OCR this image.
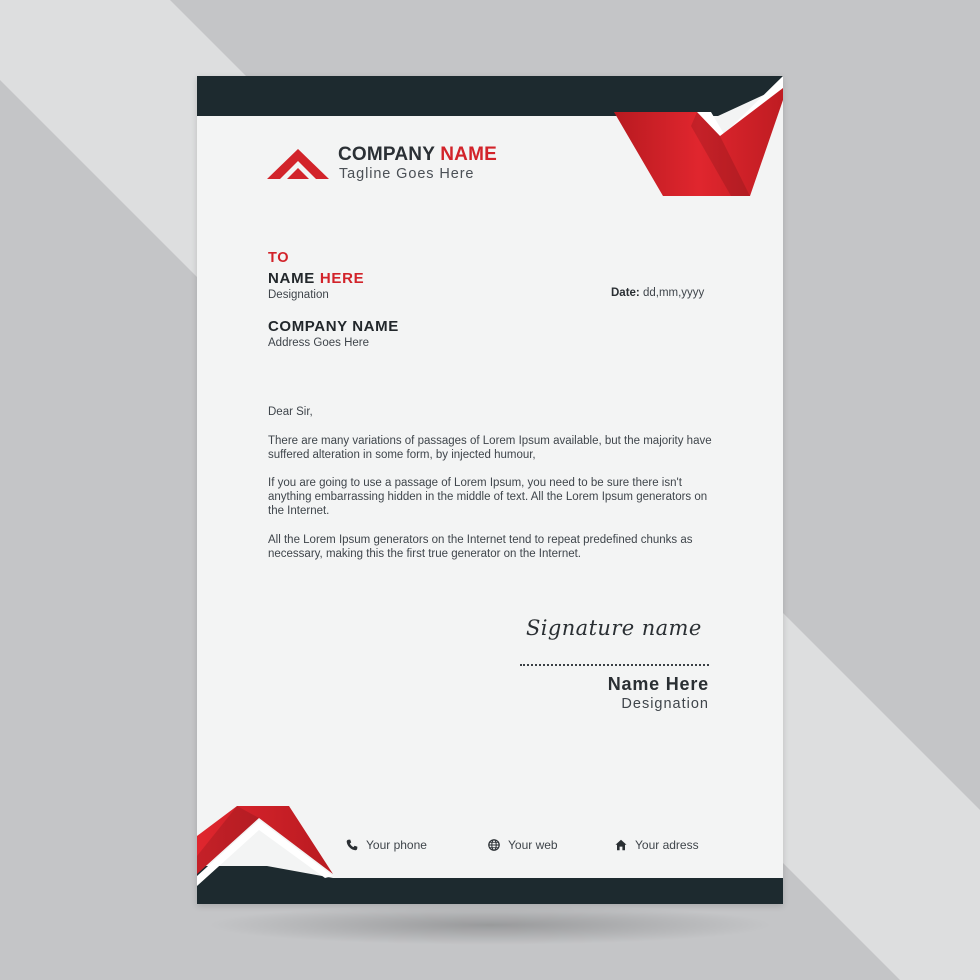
COMPANY NAME
Tagline Goes Here
TO
NAME HERE
Designation	Date: dd,mm,yyyy
COMPANY NAME
Address Goes Here
Dear Sir,

There are many variations of passages of Lorem Ipsum available, but the majority have suffered alteration in some form, by injected humour,

If you are going to use a passage of Lorem Ipsum, you need to be sure there isn't anything embarrassing hidden in the middle of text. All the Lorem Ipsum generators on the Internet.

All the Lorem Ipsum generators on the Internet tend to repeat predefined chunks as necessary, making this the first true generator on the Internet.

Signature name
Name Here
Designation
Your phone	Your web	Your adress
